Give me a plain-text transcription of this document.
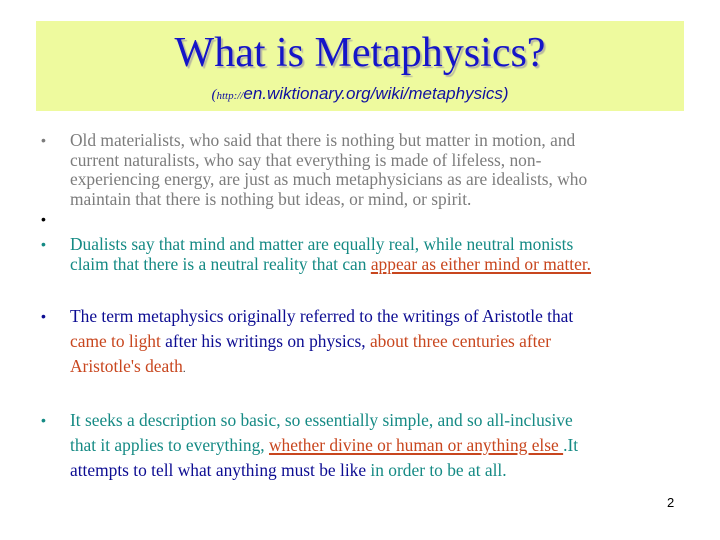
What is Metaphysics?
(http://en.wiktionary.org/wiki/metaphysics)
• Old materialists, who said that there is nothing but matter in motion, and
current naturalists, who say that everything is made of lifeless, non-
experiencing energy, are just as much metaphysicians as are idealists, who
maintain that there is nothing but ideas, or mind, or spirit.
•
• Dualists say that mind and matter are equally real, while neutral monists
claim that there is a neutral reality that can appear as either mind or matter.
• The term metaphysics originally referred to the writings of Aristotle that
came to light after his writings on physics, about three centuries after
Aristotle's death.
• It seeks a description so basic, so essentially simple, and so all-inclusive
that it applies to everything, whether divine or human or anything else .It
attempts to tell what anything must be like in order to be at all.
2
